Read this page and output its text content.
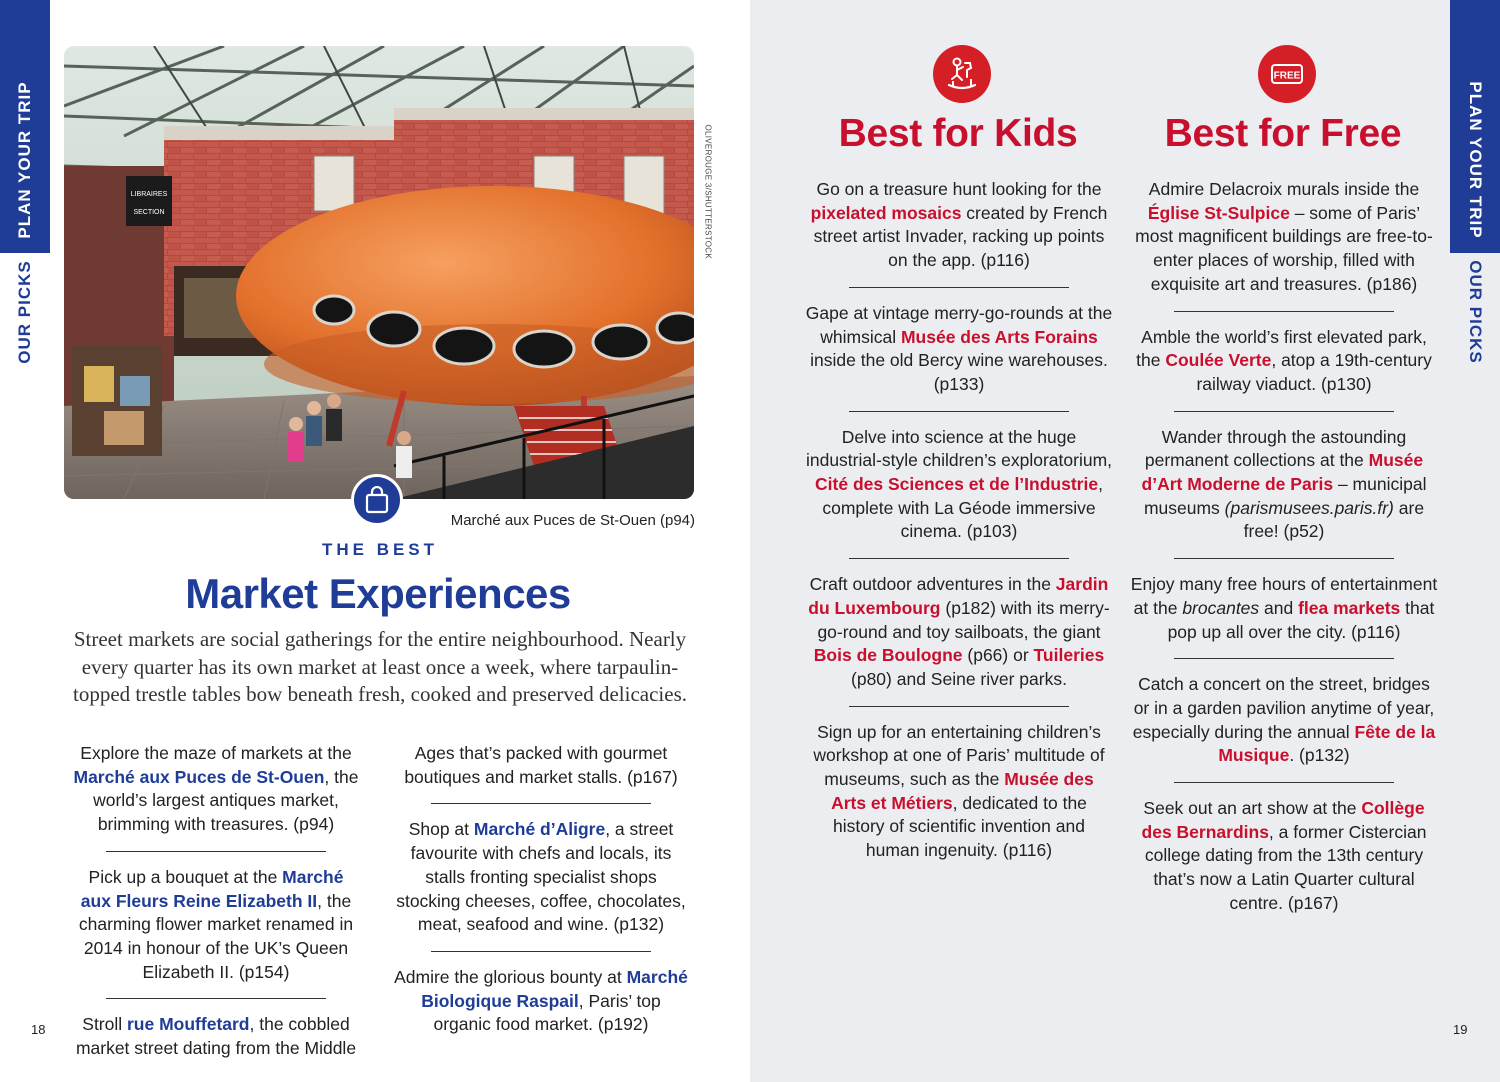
PLAN YOUR TRIP
OUR PICKS
LIBRAIRES
SECTION	OLIVEROUGE 3/SHUTTERSTOCK
Marché aux Puces de St-Ouen (p94)
THE BEST
Market Experiences
Street markets are social gatherings for the entire neighbourhood. Nearly every quarter has its own market at least once a week, where tarpaulin-topped trestle tables bow beneath fresh, cooked and preserved delicacies.

Explore the maze of markets at the Marché aux Puces de St-Ouen, the world’s largest antiques market, brimming with treasures. (p94)

Pick up a bouquet at the Marché aux Fleurs Reine Elizabeth II, the charming flower market renamed in 2014 in honour of the UK’s Queen Elizabeth II. (p154)

Stroll rue Mouffetard, the cobbled market street dating from the Middle

Ages that’s packed with gourmet boutiques and market stalls. (p167)

Shop at Marché d’Aligre, a street favourite with chefs and locals, its stalls fronting specialist shops stocking cheeses, coffee, chocolates, meat, seafood and wine. (p132)

Admire the glorious bounty at Marché Biologique Raspail, Paris’ top organic food market. (p192)

18
PLAN YOUR TRIP
OUR PICKS
Best for Kids
FREE
Best for Free

Go on a treasure hunt looking for the pixelated mosaics created by French street artist Invader, racking up points on the app. (p116)

Gape at vintage merry-go-rounds at the whimsical Musée des Arts Forains inside the old Bercy wine warehouses. (p133)

Delve into science at the huge industrial-style children’s exploratorium, Cité des Sciences et de l’Industrie, complete with La Géode immersive cinema. (p103)

Craft outdoor adventures in the Jardin du Luxembourg (p182) with its merry-go-round and toy sailboats, the giant Bois de Boulogne (p66) or Tuileries (p80) and Seine river parks.

Sign up for an entertaining children’s workshop at one of Paris’ multitude of museums, such as the Musée des Arts et Métiers, dedicated to the history of scientific invention and human ingenuity. (p116)

Admire Delacroix murals inside the Église St-Sulpice – some of Paris’ most magnificent buildings are free-to-enter places of worship, filled with exquisite art and treasures. (p186)

Amble the world’s first elevated park, the Coulée Verte, atop a 19th-century railway viaduct. (p130)

Wander through the astounding permanent collections at the Musée d’Art Moderne de Paris – municipal museums (parismusees.paris.fr) are free! (p52)

Enjoy many free hours of entertainment at the brocantes and flea markets that pop up all over the city. (p116)

Catch a concert on the street, bridges or in a garden pavilion anytime of year, especially during the annual Fête de la Musique. (p132)

Seek out an art show at the Collège des Bernardins, a former Cistercian college dating from the 13th century that’s now a Latin Quarter cultural centre. (p167)

19
